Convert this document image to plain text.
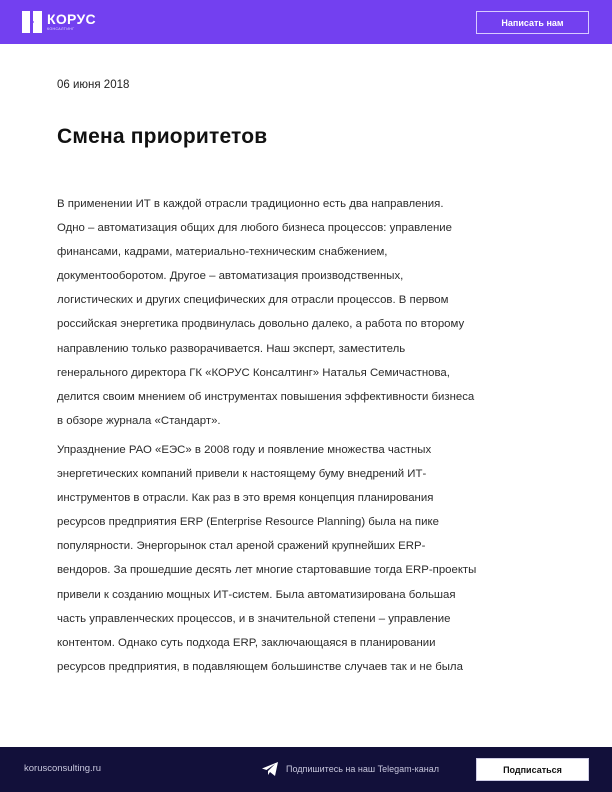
КОРУС
КОНСАЛТИНГ
Написать нам
06 июня 2018
Смена приоритетов

В применении ИТ в каждой отрасли традиционно есть два направления.
Одно – автоматизация общих для любого бизнеса процессов: управление
финансами, кадрами, материально-техническим снабжением,
документооборотом. Другое – автоматизация производственных,
логистических и других специфических для отрасли процессов. В первом
российская энергетика продвинулась довольно далеко, а работа по второму
направлению только разворачивается. Наш эксперт, заместитель
генерального директора ГК «КОРУС Консалтинг» Наталья Семичастнова,
делится своим мнением об инструментах повышения эффективности бизнеса
в обзоре журнала «Стандарт».

Упразднение РАО «ЕЭС» в 2008 году и появление множества частных
энергетических компаний привели к настоящему буму внедрений ИТ-
инструментов в отрасли. Как раз в это время концепция планирования
ресурсов предприятия ERP (Enterprise Resource Planning) была на пике
популярности. Энергорынок стал ареной сражений крупнейших ERP-
вендоров. За прошедшие десять лет многие стартовавшие тогда ERP-проекты
привели к созданию мощных ИТ-систем. Была автоматизирована большая
часть управленческих процессов, и в значительной степени – управление
контентом. Однако суть подхода ERP, заключающаяся в планировании
ресурсов предприятия, в подавляющем большинстве случаев так и не была

korusconsulting.ru	Подпишитесь на наш Telegam-канал	Подписаться
